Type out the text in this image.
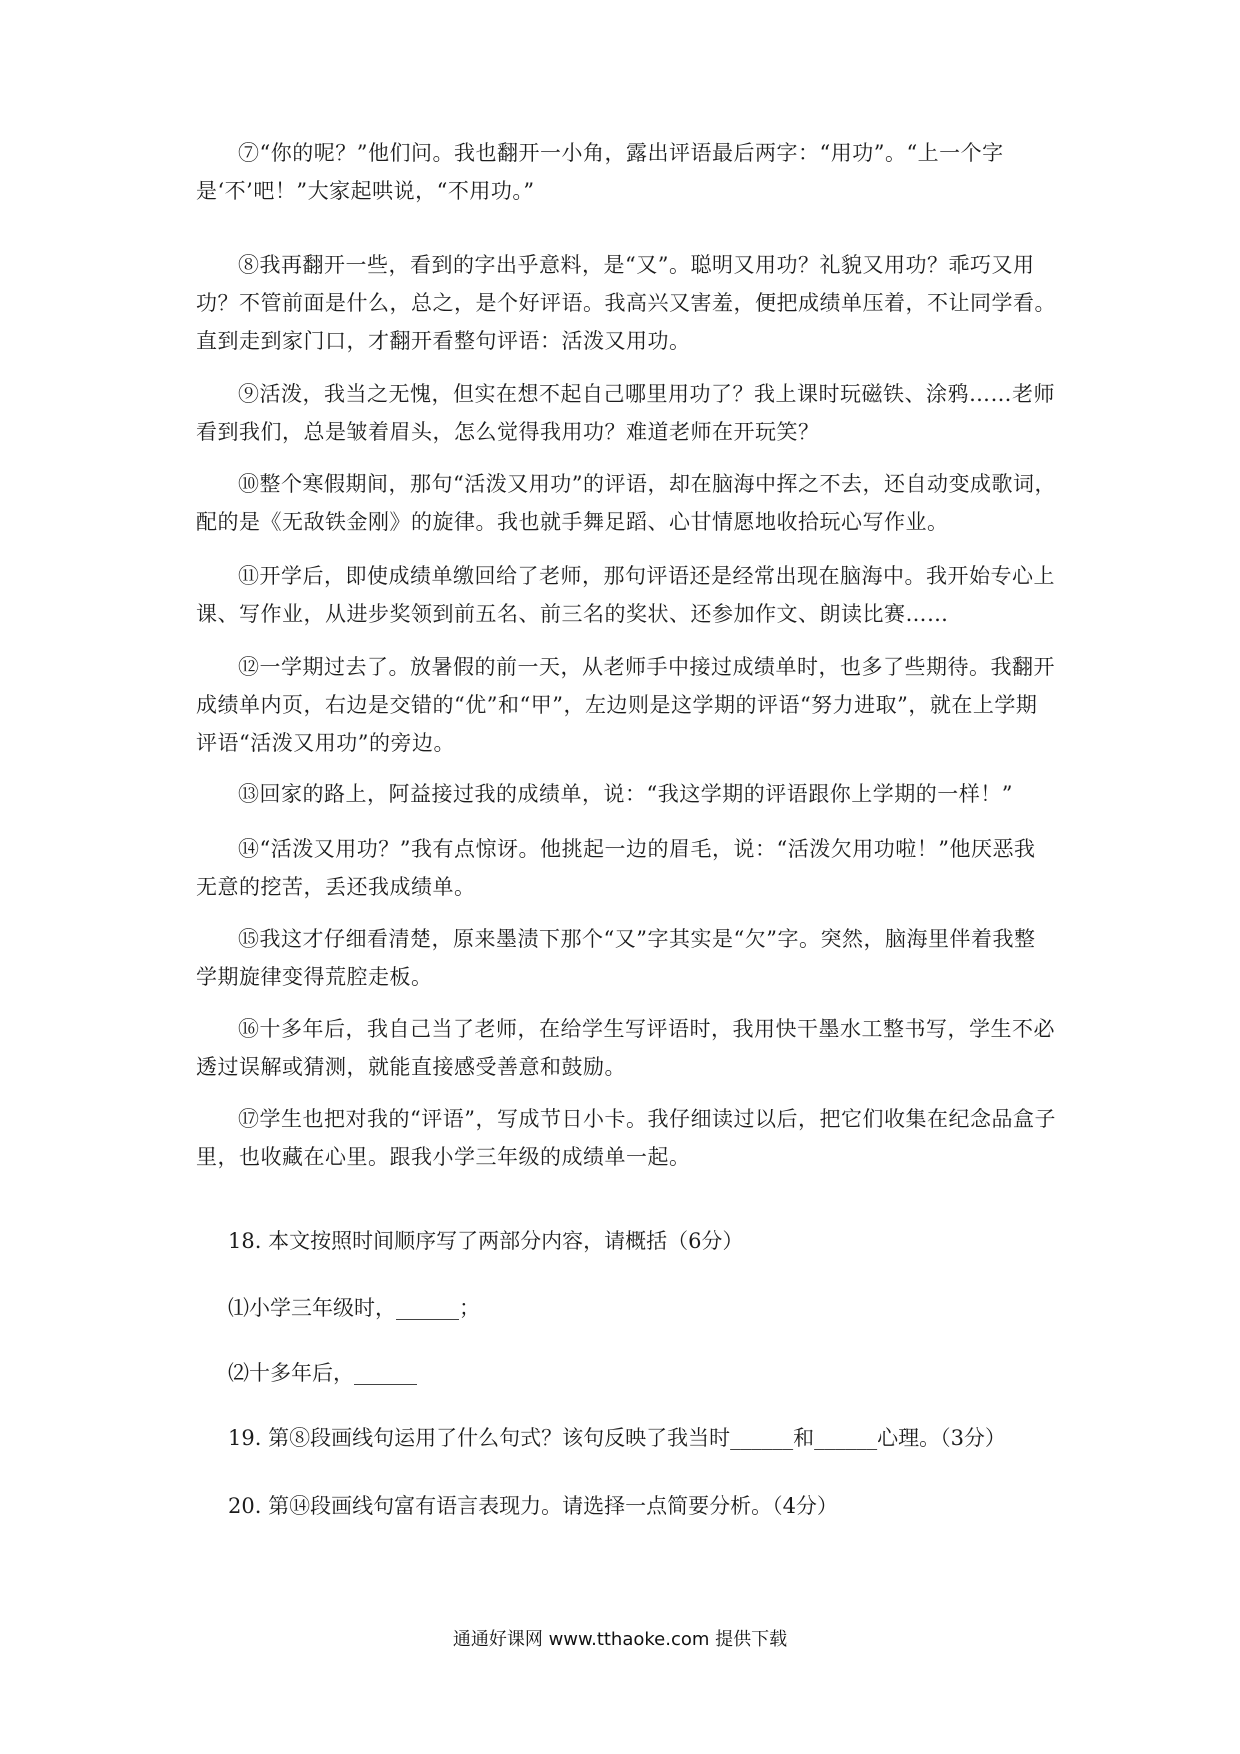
⑦“你的呢？”他们问。我也翻开一小角，露出评语最后两字：“用功”。“上一个字是‘不’吧！”大家起哄说，“不用功。”

⑧我再翻开一些，看到的字出乎意料，是“又”。聪明又用功？礼貌又用功？乖巧又用功？不管前面是什么，总之，是个好评语。我高兴又害羞，便把成绩单压着，不让同学看。直到走到家门口，才翻开看整句评语：活泼又用功。

⑨活泼，我当之无愧，但实在想不起自己哪里用功了？我上课时玩磁铁、涂鸦……老师看到我们，总是皱着眉头，怎么觉得我用功？难道老师在开玩笑？

⑩整个寒假期间，那句“活泼又用功”的评语，却在脑海中挥之不去，还自动变成歌词，配的是《无敌铁金刚》的旋律。我也就手舞足蹈、心甘情愿地收拾玩心写作业。

⑪开学后，即使成绩单缴回给了老师，那句评语还是经常出现在脑海中。我开始专心上课、写作业，从进步奖领到前五名、前三名的奖状、还参加作文、朗读比赛……

⑫一学期过去了。放暑假的前一天，从老师手中接过成绩单时，也多了些期待。我翻开成绩单内页，右边是交错的“优”和“甲”，左边则是这学期的评语“努力进取”，就在上学期评语“活泼又用功”的旁边。

⑬回家的路上，阿益接过我的成绩单，说：“我这学期的评语跟你上学期的一样！”

⑭“活泼又用功？”我有点惊讶。他挑起一边的眉毛，说：“活泼欠用功啦！”他厌恶我无意的挖苦，丢还我成绩单。

⑮我这才仔细看清楚，原来墨渍下那个“又”字其实是“欠”字。突然，脑海里伴着我整学期旋律变得荒腔走板。

⑯十多年后，我自己当了老师，在给学生写评语时，我用快干墨水工整书写，学生不必透过误解或猜测，就能直接感受善意和鼓励。

⑰学生也把对我的“评语”，写成节日小卡。我仔细读过以后，把它们收集在纪念品盒子里，也收藏在心里。跟我小学三年级的成绩单一起。

18. 本文按照时间顺序写了两部分内容，请概括（6分）

⑴小学三年级时，______；

⑵十多年后，______

19. 第⑧段画线句运用了什么句式？该句反映了我当时______和______心理。（3分）

20. 第⑭段画线句富有语言表现力。请选择一点简要分析。（4分）

通通好课网 www.tthaoke.com 提供下载
